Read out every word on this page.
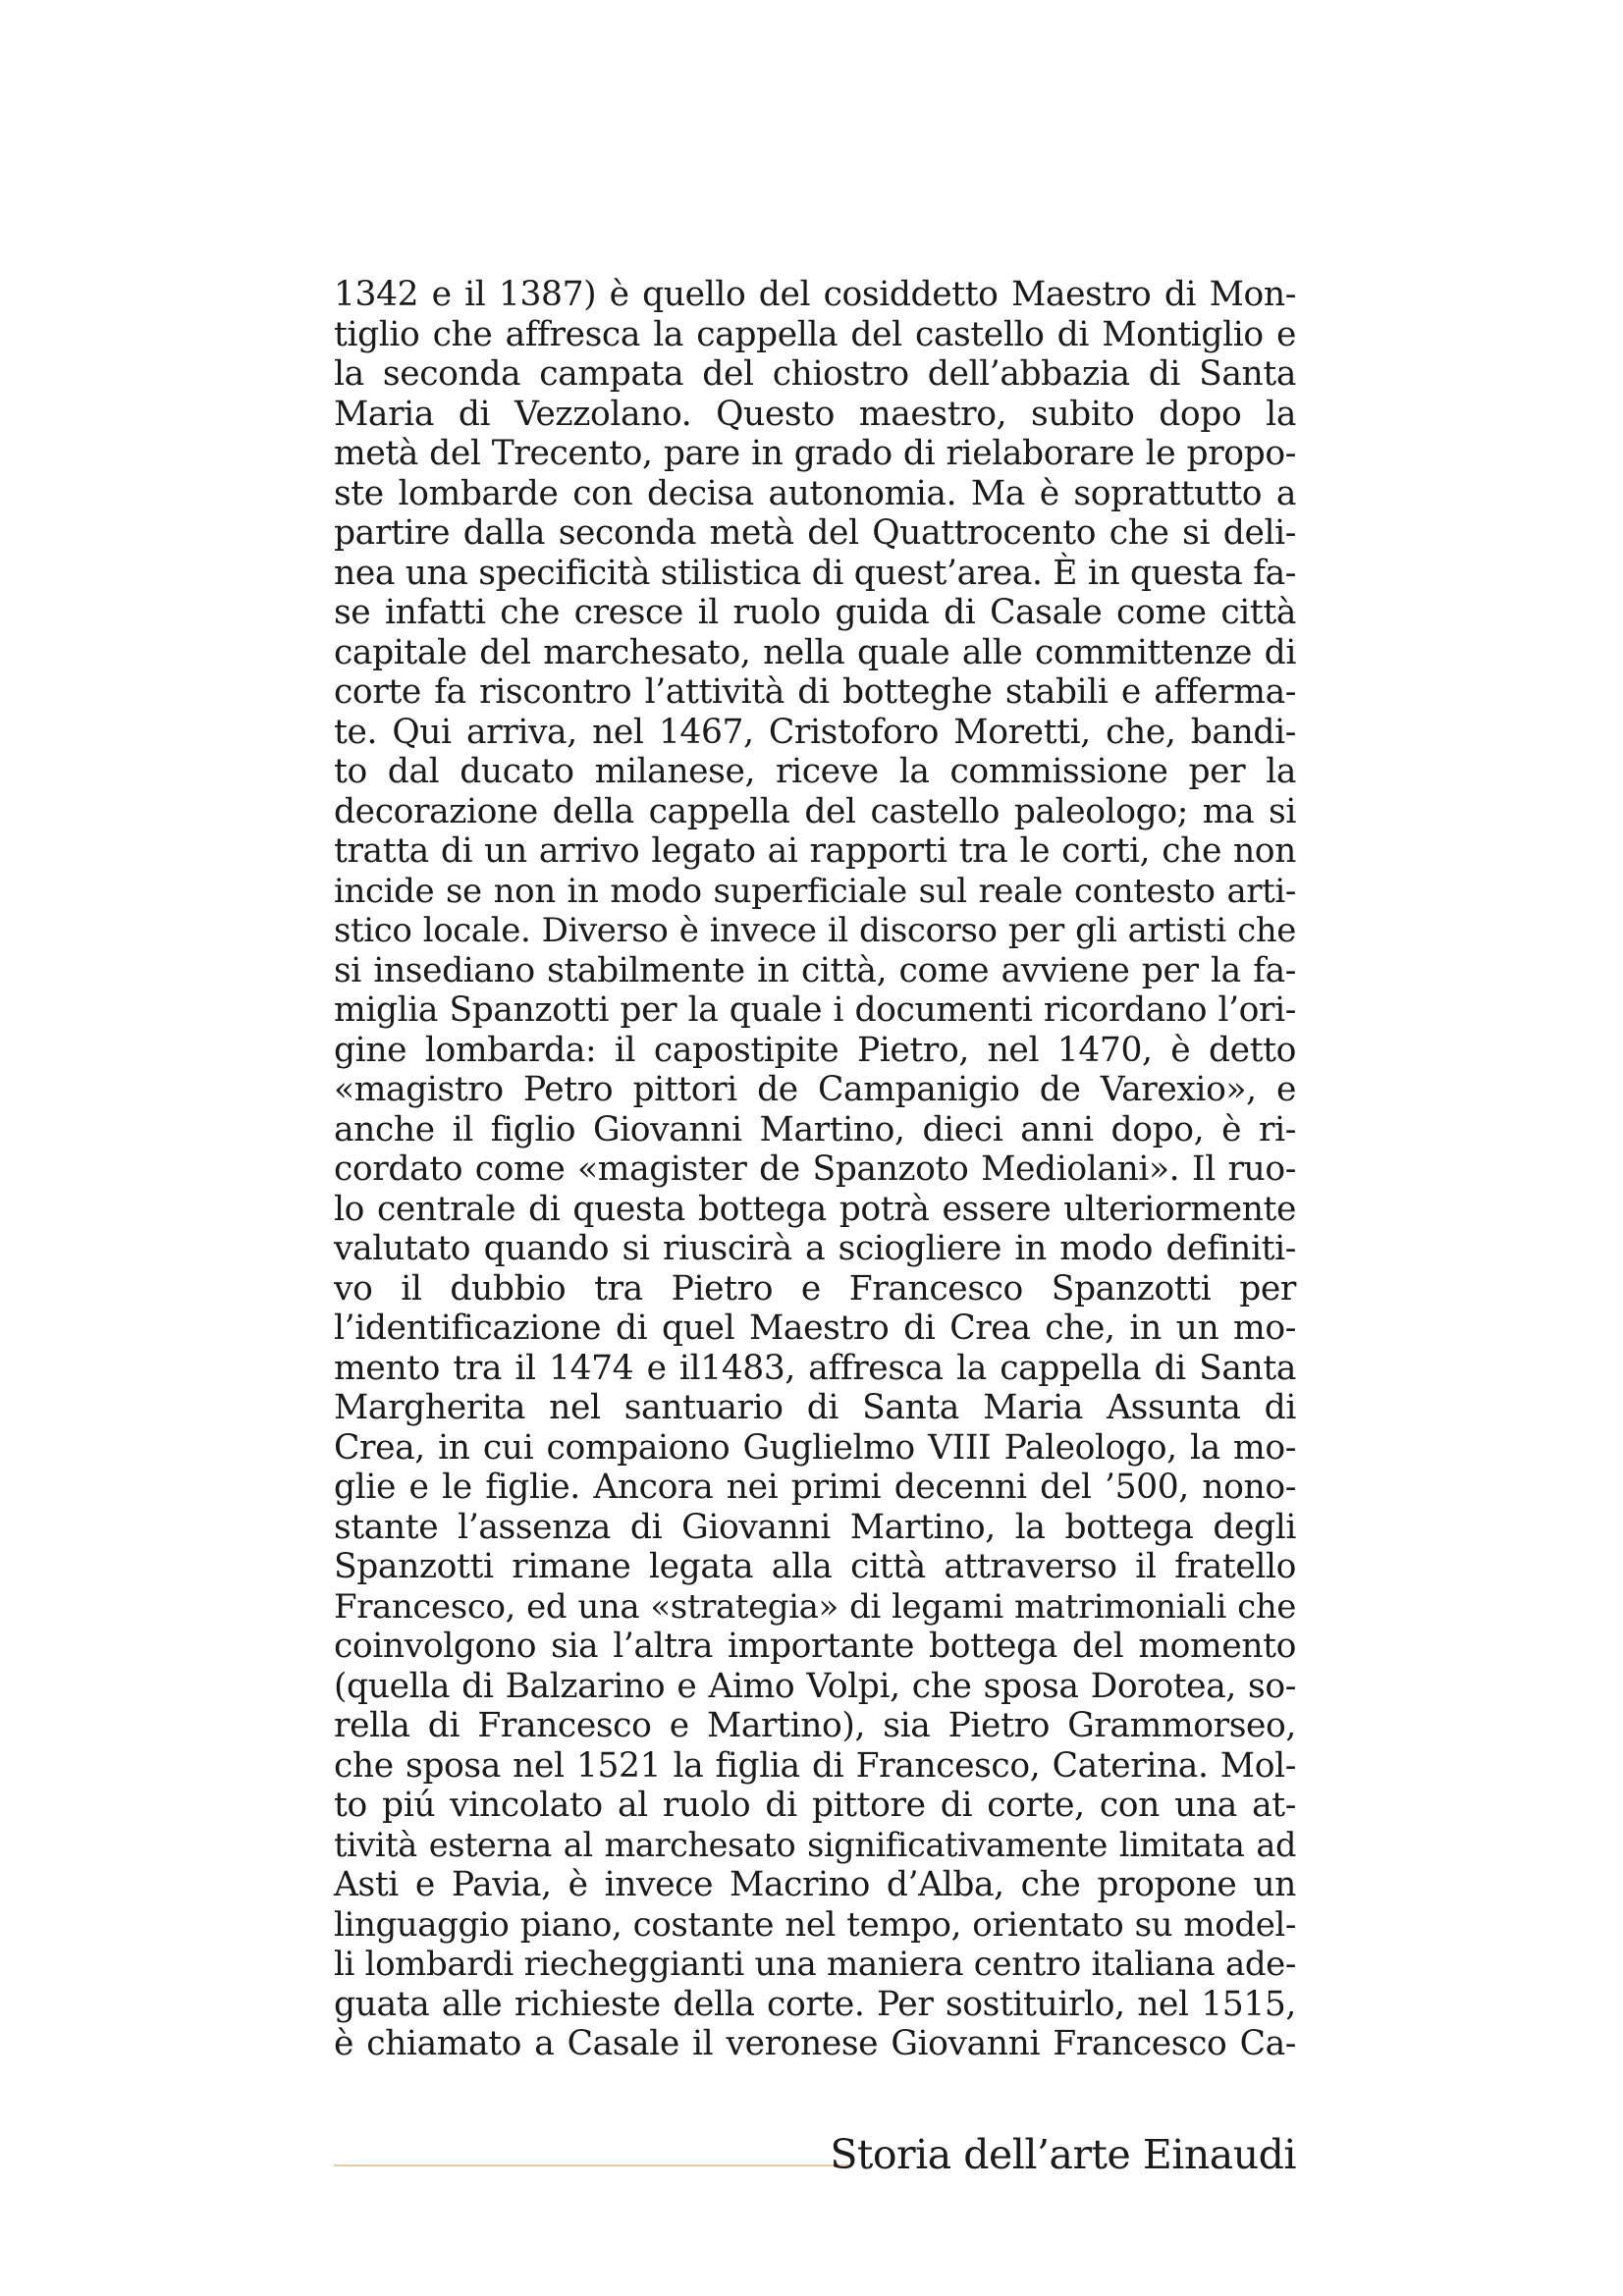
1342 e il 1387) è quello del cosiddetto Maestro di Mon-
tiglio che affresca la cappella del castello di Montiglio e
la seconda campata del chiostro dell’abbazia di Santa
Maria di Vezzolano. Questo maestro, subito dopo la
metà del Trecento, pare in grado di rielaborare le propo-
ste lombarde con decisa autonomia. Ma è soprattutto a
partire dalla seconda metà del Quattrocento che si deli-
nea una specificità stilistica di quest’area. È in questa fa-
se infatti che cresce il ruolo guida di Casale come città
capitale del marchesato, nella quale alle committenze di
corte fa riscontro l’attività di botteghe stabili e afferma-
te. Qui arriva, nel 1467, Cristoforo Moretti, che, bandi-
to dal ducato milanese, riceve la commissione per la
decorazione della cappella del castello paleologo; ma si
tratta di un arrivo legato ai rapporti tra le corti, che non
incide se non in modo superficiale sul reale contesto arti-
stico locale. Diverso è invece il discorso per gli artisti che
si insediano stabilmente in città, come avviene per la fa-
miglia Spanzotti per la quale i documenti ricordano l’ori-
gine lombarda: il capostipite Pietro, nel 1470, è detto
«magistro Petro pittori de Campanigio de Varexio», e
anche il figlio Giovanni Martino, dieci anni dopo, è ri-
cordato come «magister de Spanzoto Mediolani». Il ruo-
lo centrale di questa bottega potrà essere ulteriormente
valutato quando si riuscirà a sciogliere in modo definiti-
vo il dubbio tra Pietro e Francesco Spanzotti per
l’identificazione di quel Maestro di Crea che, in un mo-
mento tra il 1474 e il1483, affresca la cappella di Santa
Margherita nel santuario di Santa Maria Assunta di
Crea, in cui compaiono Guglielmo VIII Paleologo, la mo-
glie e le figlie. Ancora nei primi decenni del ’500, nono-
stante l’assenza di Giovanni Martino, la bottega degli
Spanzotti rimane legata alla città attraverso il fratello
Francesco, ed una «strategia» di legami matrimoniali che
coinvolgono sia l’altra importante bottega del momento
(quella di Balzarino e Aimo Volpi, che sposa Dorotea, so-
rella di Francesco e Martino), sia Pietro Grammorseo,
che sposa nel 1521 la figlia di Francesco, Caterina. Mol-
to piú vincolato al ruolo di pittore di corte, con una at-
tività esterna al marchesato significativamente limitata ad
Asti e Pavia, è invece Macrino d’Alba, che propone un
linguaggio piano, costante nel tempo, orientato su model-
li lombardi riecheggianti una maniera centro italiana ade-
guata alle richieste della corte. Per sostituirlo, nel 1515,
è chiamato a Casale il veronese Giovanni Francesco Ca-
Storia dell’arte Einaudi
